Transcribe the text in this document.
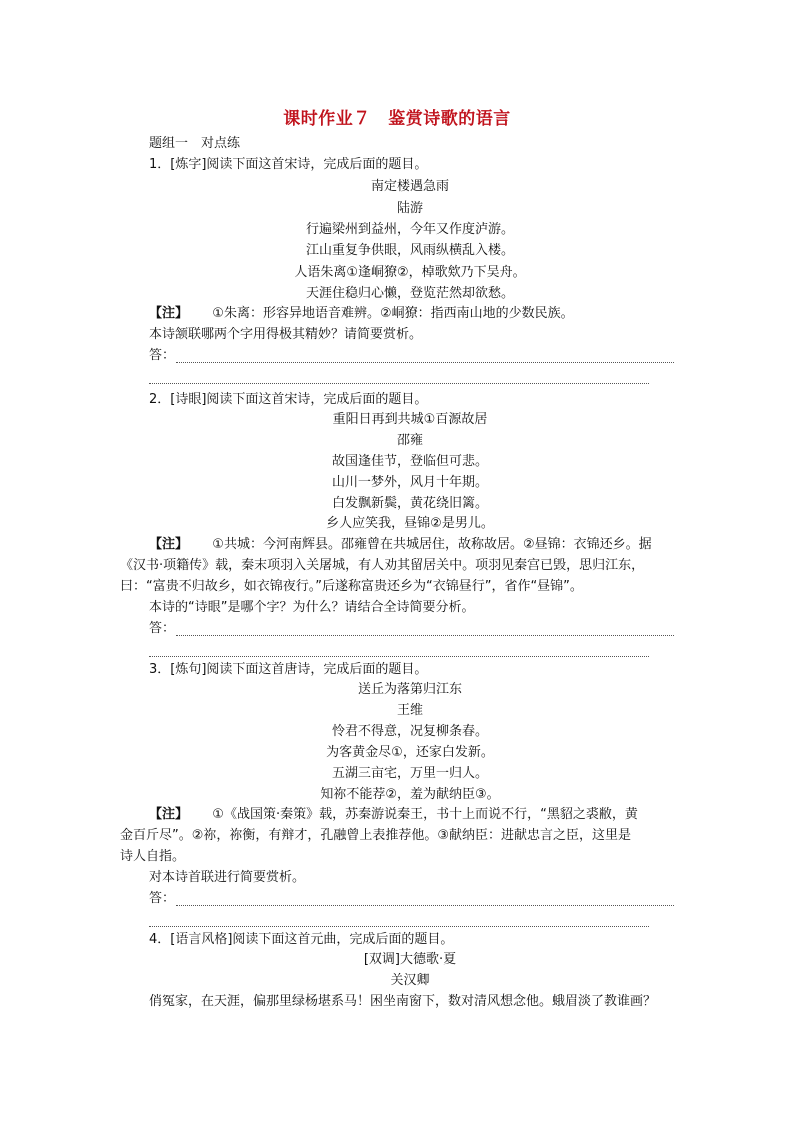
课时作业７　鉴赏诗歌的语言
题组一　对点练
1．[炼字]阅读下面这首宋诗，完成后面的题目。
南定楼遇急雨
陆游
行遍梁州到益州，今年又作度泸游。
江山重复争供眼，风雨纵横乱入楼。
人语朱离①逢峒獠②，棹歌欸乃下吴舟。
天涯住稳归心懒，登览茫然却欲愁。
【注】 ①朱离：形容异地语音难辨。②峒獠：指西南山地的少数民族。
本诗颔联哪两个字用得极其精妙？请简要赏析。
答：
2．[诗眼]阅读下面这首宋诗，完成后面的题目。
重阳日再到共城①百源故居
邵雍
故国逢佳节，登临但可悲。
山川一梦外，风月十年期。
白发飘新鬓，黄花绕旧篱。
乡人应笑我，昼锦②是男儿。
【注】 ①共城：今河南辉县。邵雍曾在共城居住，故称故居。②昼锦：衣锦还乡。据
《汉书·项籍传》载，秦末项羽入关屠城，有人劝其留居关中。项羽见秦宫已毁，思归江东，
曰：“富贵不归故乡，如衣锦夜行。”后遂称富贵还乡为“衣锦昼行”，省作“昼锦”。
本诗的“诗眼”是哪个字？为什么？请结合全诗简要分析。
答：
3．[炼句]阅读下面这首唐诗，完成后面的题目。
送丘为落第归江东
王维
怜君不得意，况复柳条春。
为客黄金尽①，还家白发新。
五湖三亩宅，万里一归人。
知祢不能荐②，羞为献纳臣③。
【注】 ①《战国策·秦策》载，苏秦游说秦王，书十上而说不行，“黑貂之裘敝，黄
金百斤尽”。②祢，祢衡，有辩才，孔融曾上表推荐他。③献纳臣：进献忠言之臣，这里是
诗人自指。
对本诗首联进行简要赏析。
答：
4．[语言风格]阅读下面这首元曲，完成后面的题目。
[双调]大德歌·夏
关汉卿
俏冤家，在天涯，偏那里绿杨堪系马！困坐南窗下，数对清风想念他。蛾眉淡了教谁画？
